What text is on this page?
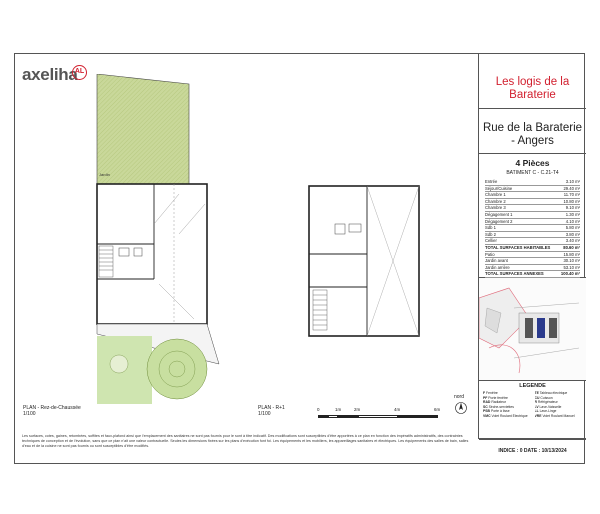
axeliha
AL
Jardin
PLAN - Rez-de-Chaussée
1/100
PLAN - R+1
1/100
0	1m	2m	4m	6m
nord
Les surfaces, cotes, gaines, retombées, soffites et faux-plafond ainsi que l'emplacement des sanitaires ne sont pas fournis pour le sont à titre indicatif. Des modifications sont susceptibles d'être apportées à ce plan en fonction des impératifs administratifs, des contraintes techniques de conception et de l'évolution, sans que ce plan n'ait une valeur contractuelle. Seules les dimensions fixées sur les plans d'exécution font foi. Les équipements et les mobiliers, les appareillages sanitaires et électriques. Les équipements des salles de bain, salles d'eau et de la cuisine ne sont pas fournis ou sont susceptibles d'être modifiés.
Les logis de la
Baraterie
Rue de la Baraterie
- Angers
4 Pièces
BATIMENT C - C.21-T4
Entrée	3.10 m²
Séjour/Cuisine	29.40 m²
Chambre 1	11.70 m²
Chambre 2	10.80 m²
Chambre 3	9.10 m²
Dégagement 1	1.30 m²
Dégagement 2	4.10 m²
Sdb 1	5.80 m²
Sdb 2	3.80 m²
Cellier	3.40 m²
TOTAL SURFACES HABITABLES	80.60 m²
Patio	15.80 m²
Jardin avant	30.10 m²
Jardin arrière	53.10 m²
TOTAL SURFACES ANNEXES	100.40 m²
LEGENDE
F Fenêtre	TE Tableau électrique
PF Porte fenêtre	CU Cuisson
RAD Radiateur	R Réfrigérateur
SC Sèche-serviettes	LV Lave-Vaisselle
PSB Porte à lisse	LL Lave-Linge
VMC Volet Roulant Électrique	VRE Volet Roulant Manuel
INDICE : 0 DATE : 10/13/2024
